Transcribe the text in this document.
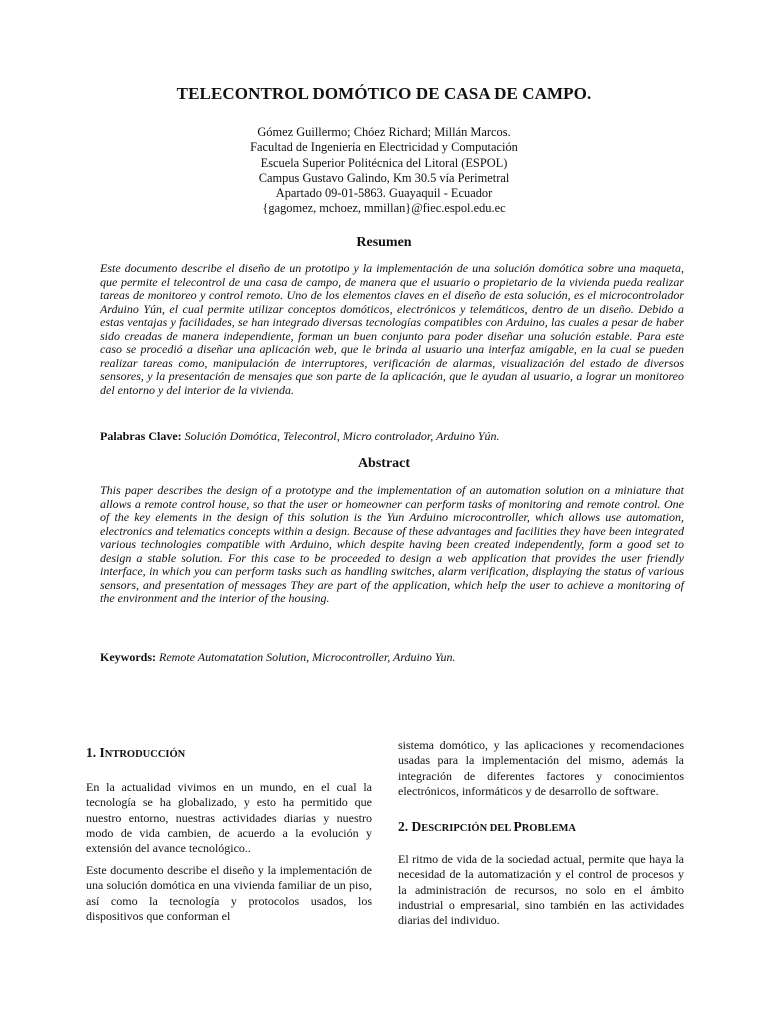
TELECONTROL DOMÓTICO DE CASA DE CAMPO.
Gómez Guillermo; Chóez Richard; Millán Marcos.
Facultad de Ingeniería en Electricidad y Computación
Escuela Superior Politécnica del Litoral (ESPOL)
Campus Gustavo Galindo, Km 30.5 vía Perimetral
Apartado 09-01-5863. Guayaquil - Ecuador
{gagomez, mchoez, mmillan}@fiec.espol.edu.ec
Resumen
Este documento describe el diseño de un prototipo y la implementación de una solución domótica sobre una maqueta, que permite el telecontrol de una casa de campo, de manera que el usuario o propietario de la vivienda pueda realizar tareas de monitoreo y control remoto. Uno de los elementos claves en el diseño de esta solución, es el microcontrolador Arduino Yún, el cual permite utilizar conceptos domóticos, electrónicos y telemáticos, dentro de un diseño. Debido a estas ventajas y facilidades, se han integrado diversas tecnologías compatibles con Arduino, las cuales a pesar de haber sido creadas de manera independiente, forman un buen conjunto para poder diseñar una solución estable. Para este caso se procedió a diseñar una aplicación web, que le brinda al usuario una interfaz amigable, en la cual se pueden realizar tareas como, manipulación de interruptores, verificación de alarmas, visualización del estado de diversos sensores, y la presentación de mensajes que son parte de la aplicación, que le ayudan al usuario, a lograr un monitoreo del entorno y del interior de la vivienda.
Palabras Clave: Solución Domótica, Telecontrol, Micro controlador, Arduino Yún.
Abstract
This paper describes the design of a prototype and the implementation of an automation solution on a miniature that allows a remote control house, so that the user or homeowner can perform tasks of monitoring and remote control. One of the key elements in the design of this solution is the Yun Arduino microcontroller, which allows use automation, electronics and telematics concepts within a design. Because of these advantages and facilities they have been integrated various technologies compatible with Arduino, which despite having been created independently, form a good set to design a stable solution. For this case to be proceeded to design a web application that provides the user friendly interface, in which you can perform tasks such as handling switches, alarm verification, displaying the status of various sensors, and presentation of messages They are part of the application, which help the user to achieve a monitoring of the environment and the interior of the housing.
Keywords: Remote Automatation Solution, Microcontroller, Arduino Yun.
1. INTRODUCCIÓN

En la actualidad vivimos en un mundo, en el cual la tecnología se ha globalizado, y esto ha permitido que nuestro entorno, nuestras actividades diarias y nuestro modo de vida cambien, de acuerdo a la evolución y extensión del avance tecnológico..

Este documento describe el diseño y la implementación de una solución domótica en una vivienda familiar de un piso, así como la tecnología y protocolos usados, los dispositivos que conforman el

sistema domótico, y las aplicaciones y recomendaciones usadas para la implementación del mismo, además la integración de diferentes factores y conocimientos electrónicos, informáticos y de desarrollo de software.

2. DESCRIPCIÓN DEL PROBLEMA

El ritmo de vida de la sociedad actual, permite que haya la necesidad de la automatización y el control de procesos y la administración de recursos, no solo en el ámbito industrial o empresarial, sino también en las actividades diarias del individuo.
